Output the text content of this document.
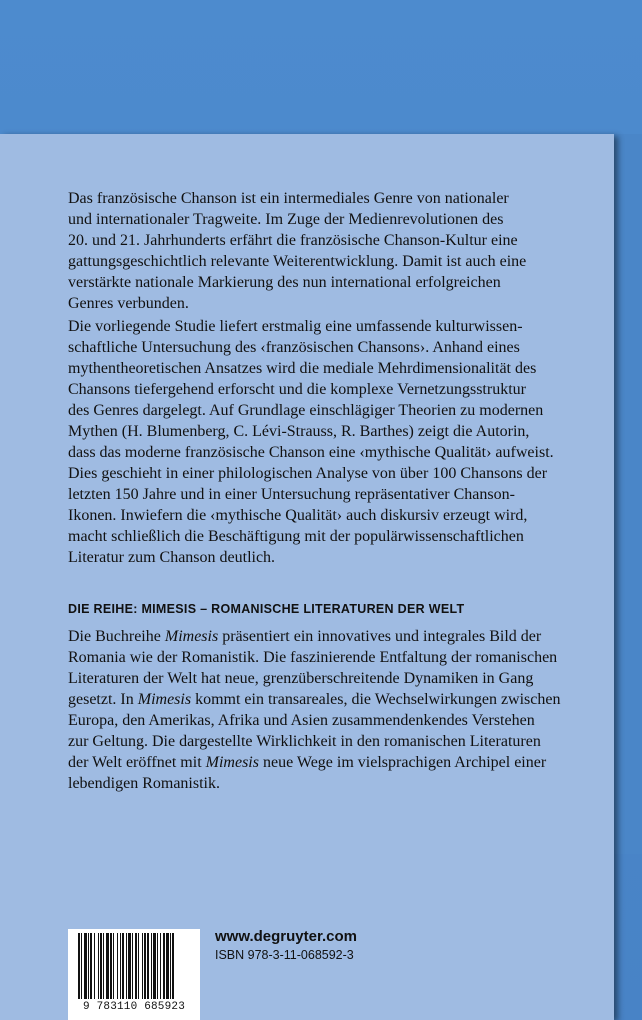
Das französische Chanson ist ein intermediales Genre von nationaler
und internationaler Tragweite. Im Zuge der Medienrevolutionen des
20. und 21. Jahrhunderts erfährt die französische Chanson-Kultur eine
gattungsgeschichtlich relevante Weiterentwicklung. Damit ist auch eine
verstärkte nationale Markierung des nun international erfolgreichen
Genres verbunden.
Die vorliegende Studie liefert erstmalig eine umfassende kulturwissen-
schaftliche Untersuchung des ‹französischen Chansons›. Anhand eines
mythentheoretischen Ansatzes wird die mediale Mehrdimensionalität des
Chansons tiefergehend erforscht und die komplexe Vernetzungsstruktur
des Genres dargelegt. Auf Grundlage einschlägiger Theorien zu modernen
Mythen (H. Blumenberg, C. Lévi-Strauss, R. Barthes) zeigt die Autorin,
dass das moderne französische Chanson eine ‹mythische Qualität› aufweist.
Dies geschieht in einer philologischen Analyse von über 100 Chansons der
letzten 150 Jahre und in einer Untersuchung repräsentativer Chanson-
Ikonen. Inwiefern die ‹mythische Qualität› auch diskursiv erzeugt wird,
macht schließlich die Beschäftigung mit der populärwissenschaftlichen
Literatur zum Chanson deutlich.
DIE REIHE: MIMESIS – ROMANISCHE LITERATUREN DER WELT
Die Buchreihe Mimesis präsentiert ein innovatives und integrales Bild der
Romania wie der Romanistik. Die faszinierende Entfaltung der romanischen
Literaturen der Welt hat neue, grenzüberschreitende Dynamiken in Gang
gesetzt. In Mimesis kommt ein transareales, die Wechselwirkungen zwischen
Europa, den Amerikas, Afrika und Asien zusammendenkendes Verstehen
zur Geltung. Die dargestellte Wirklichkeit in den romanischen Literaturen
der Welt eröffnet mit Mimesis neue Wege im vielsprachigen Archipel einer
lebendigen Romanistik.
9 783110 685923
www.degruyter.com
ISBN 978-3-11-068592-3
